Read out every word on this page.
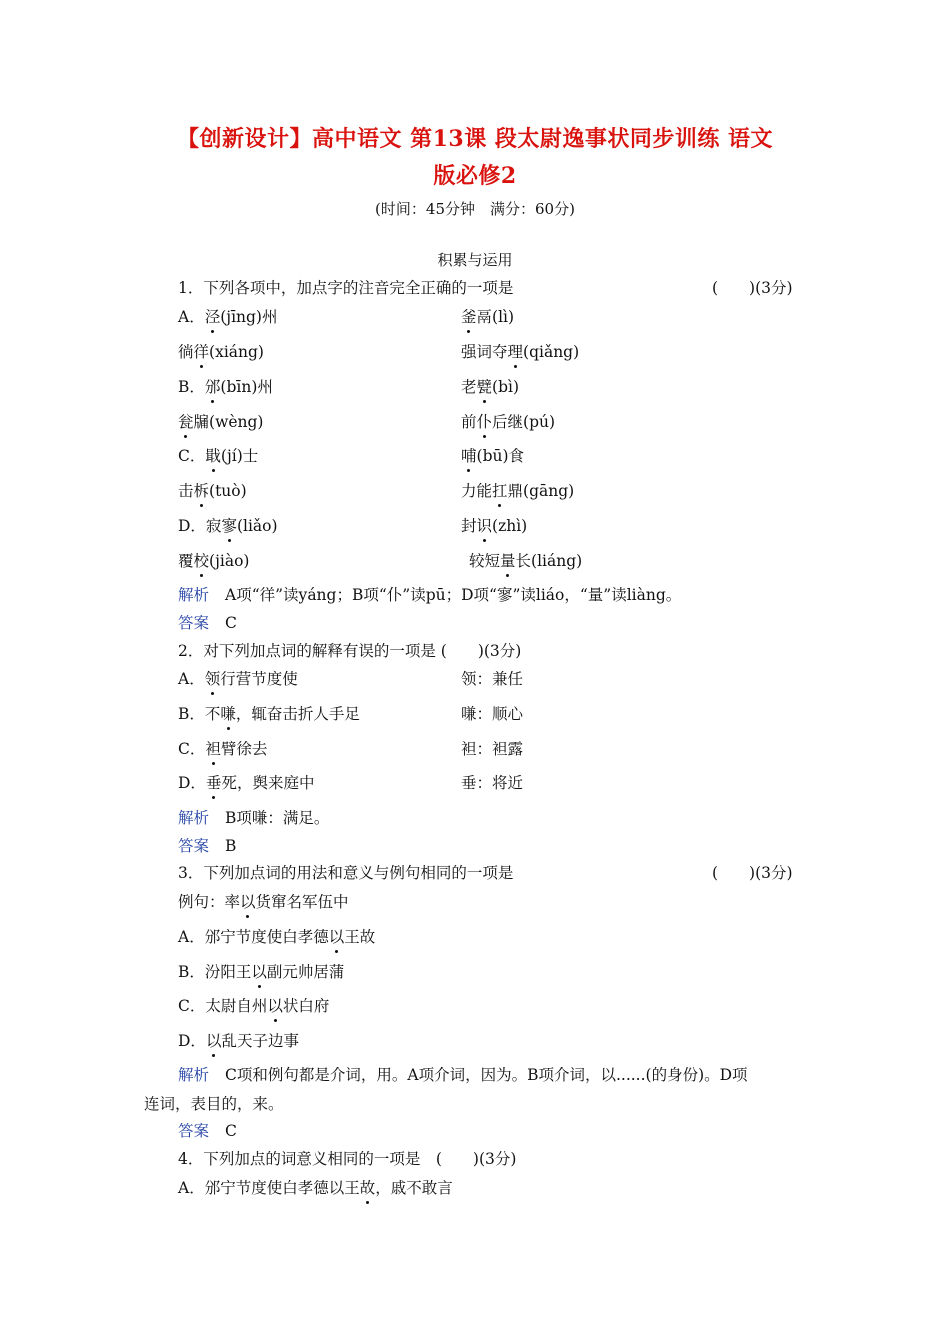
【创新设计】高中语文 第13课 段太尉逸事状同步训练 语文
版必修2
(时间：45分钟　满分：60分)
积累与运用
1．下列各项中，加点字的注音完全正确的一项是	(　　)(3分)
A．泾(jīng)州	釜鬲(lì)
徜徉(xiáng)	强词夺理(qiǎng)
B．邠(bīn)州	老甓(bì)
瓮牖(wèng)	前仆后继(pú)
C．戢(jí)士	哺(bū)食
击柝(tuò)	力能扛鼎(gāng)
D．寂寥(liǎo)	封识(zhì)
覆校(jiào)	较短量长(liáng)
解析 A项“徉”读yáng；B项“仆”读pū；D项“寥”读liáo，“量”读liàng。
答案 C
2．对下列加点词的解释有误的一项是 (　　)(3分)
A．领行营节度使	领：兼任
B．不嗛，辄奋击折人手足	嗛：顺心
C．袒臂徐去	袒：袒露
D．垂死，舆来庭中	垂：将近
解析 B项嗛：满足。
答案 B
3．下列加点词的用法和意义与例句相同的一项是	(　　)(3分)
例句：率以货窜名军伍中
A．邠宁节度使白孝德以王故
B．汾阳王以副元帅居蒲
C．太尉自州以状白府
D．以乱天子边事
解析 C项和例句都是介词，用。A项介词，因为。B项介词，以......(的身份)。D项
连词，表目的，来。
答案 C
4．下列加点的词意义相同的一项是　(　　)(3分)
A．邠宁节度使白孝德以王故，戚不敢言
